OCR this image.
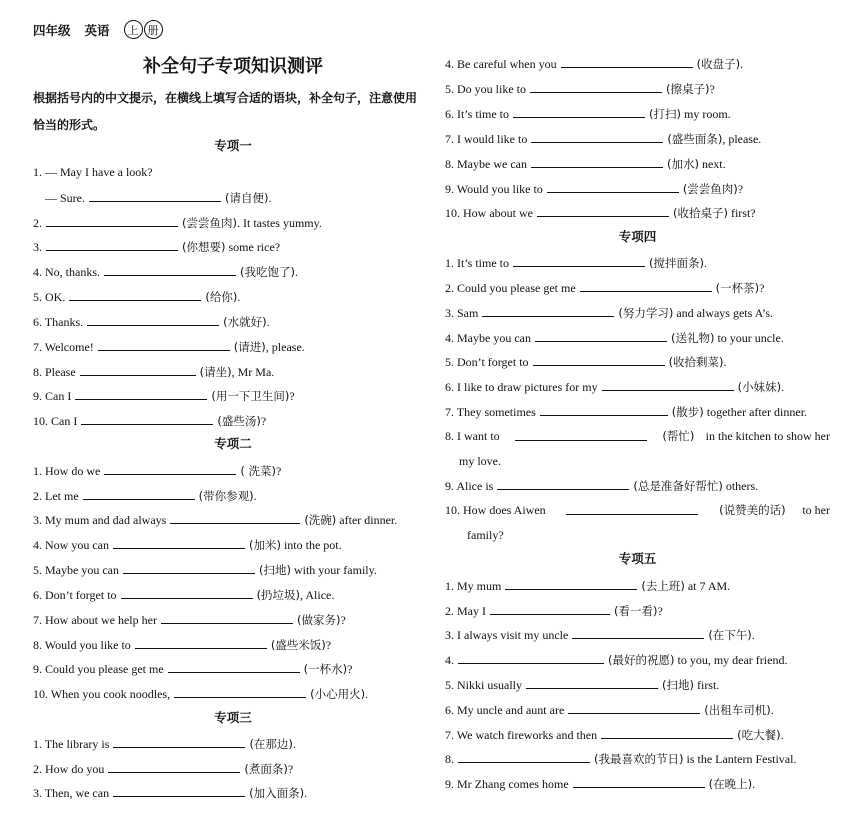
四年级 英语	上 册
补全句子专项知识测评
根据括号内的中文提示，在横线上填写合适的语块，补全句子，注意使用恰当的形式。
专项一
1. — May I have a look?
— Sure.	(请自便).
2.	(尝尝鱼肉). It tastes yummy.
3.	(你想要) some rice?
4. No, thanks.	(我吃饱了).
5. OK.	(给你).
6. Thanks.	(水就好).
7. Welcome!	(请进), please.
8. Please	(请坐), Mr Ma.
9. Can I	(用一下卫生间)?
10. Can I	(盛些汤)?
专项二
1. How do we	( 洗菜)?
2. Let me	(带你参观).
3. My mum and dad always	(洗碗) after dinner.
4. Now you can	(加米) into the pot.
5. Maybe you can	(扫地) with your family.
6. Don’t forget to	(扔垃圾), Alice.
7. How about we help her	(做家务)?
8. Would you like to	(盛些米饭)?
9. Could you please get me	(一杯水)?
10. When you cook noodles,	(小心用火).
专项三
1. The library is	(在那边).
2. How do you	(煮面条)?
3. Then, we can	(加入面条).
4. Be careful when you	(收盘子).
5. Do you like to	(擦桌子)?
6. It’s time to	(打扫) my room.
7. I would like to	(盛些面条), please.
8. Maybe we can	(加水) next.
9. Would you like to	(尝尝鱼肉)?
10. How about we	(收拾桌子) first?
专项四
1. It’s time to	(搅拌面条).
2. Could you please get me	(一杯茶)?
3. Sam	(努力学习) and always gets A’s.
4. Maybe you can	(送礼物) to your uncle.
5. Don’t forget to	(收拾剩菜).
6. I like to draw pictures for my	(小妹妹).
7. They sometimes	(散步) together after dinner.
8. I want to	(帮忙) in the kitchen to show her
my love.
9. Alice is	(总是准备好帮忙) others.
10. How does Aiwen	(说赞美的话) to her
family?
专项五
1. My mum	(去上班) at 7 AM.
2. May I	(看一看)?
3. I always visit my uncle	(在下午).
4.	(最好的祝愿) to you, my dear friend.
5. Nikki usually	(扫地) first.
6. My uncle and aunt are	(出租车司机).
7. We watch fireworks and then	(吃大餐).
8.	(我最喜欢的节日) is the Lantern Festival.
9. Mr Zhang comes home	(在晚上).
